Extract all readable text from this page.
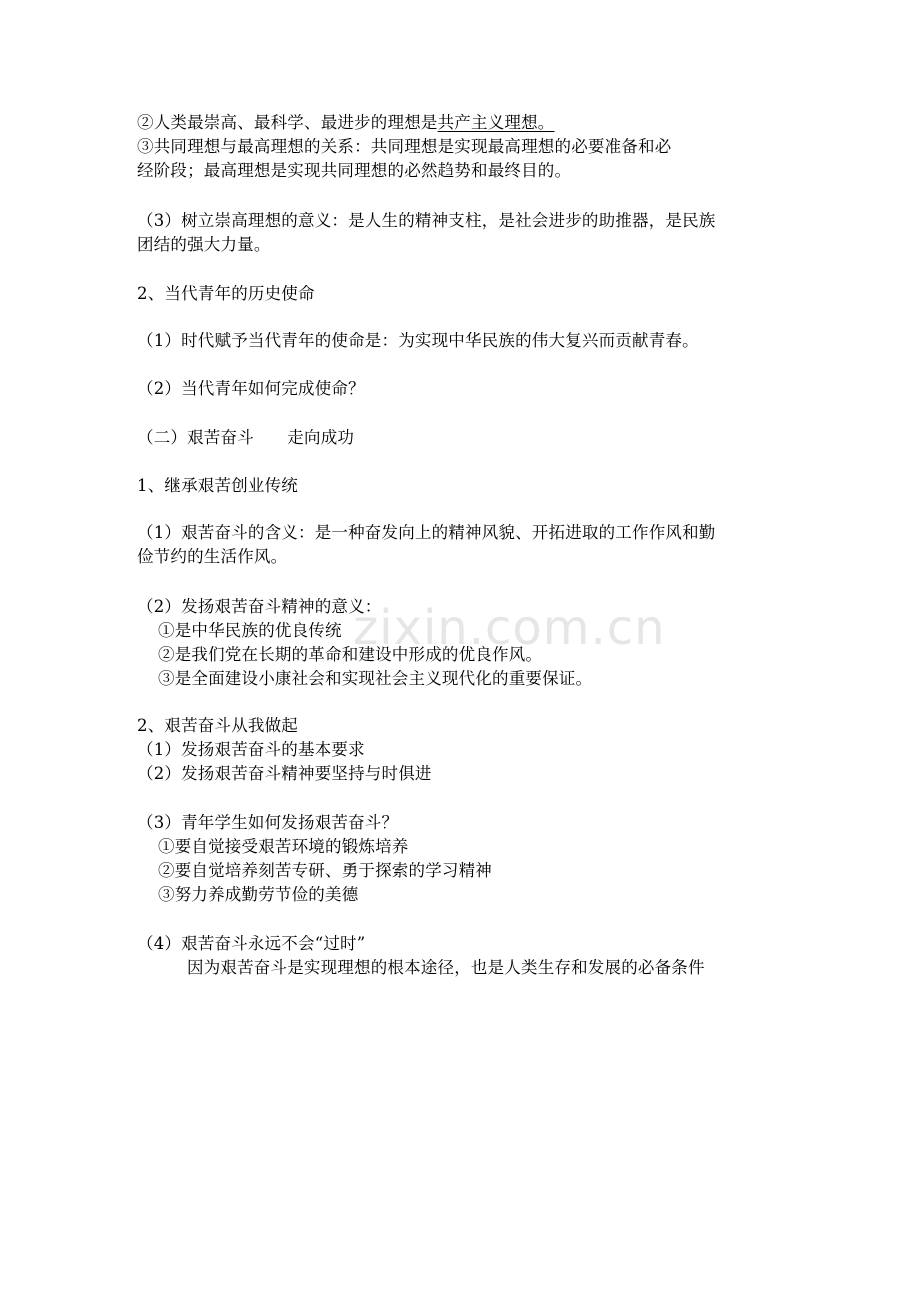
zixin.com.cn
②人类最崇高、最科学、最进步的理想是共产主义理想。
③共同理想与最高理想的关系：共同理想是实现最高理想的必要准备和必
经阶段；最高理想是实现共同理想的必然趋势和最终目的。
（3）树立崇高理想的意义：是人生的精神支柱，是社会进步的助推器，是民族
团结的强大力量。
2、当代青年的历史使命
（1）时代赋予当代青年的使命是：为实现中华民族的伟大复兴而贡献青春。
（2）当代青年如何完成使命？
（二）艰苦奋斗　　走向成功
1、继承艰苦创业传统
（1）艰苦奋斗的含义：是一种奋发向上的精神风貌、开拓进取的工作作风和勤
俭节约的生活作风。
（2）发扬艰苦奋斗精神的意义：
①是中华民族的优良传统
②是我们党在长期的革命和建设中形成的优良作风。
③是全面建设小康社会和实现社会主义现代化的重要保证。
2、艰苦奋斗从我做起
（1）发扬艰苦奋斗的基本要求
（2）发扬艰苦奋斗精神要坚持与时俱进
（3）青年学生如何发扬艰苦奋斗？
①要自觉接受艰苦环境的锻炼培养
②要自觉培养刻苦专研、勇于探索的学习精神
③努力养成勤劳节俭的美德
（4）艰苦奋斗永远不会“过时”
因为艰苦奋斗是实现理想的根本途径，也是人类生存和发展的必备条件
